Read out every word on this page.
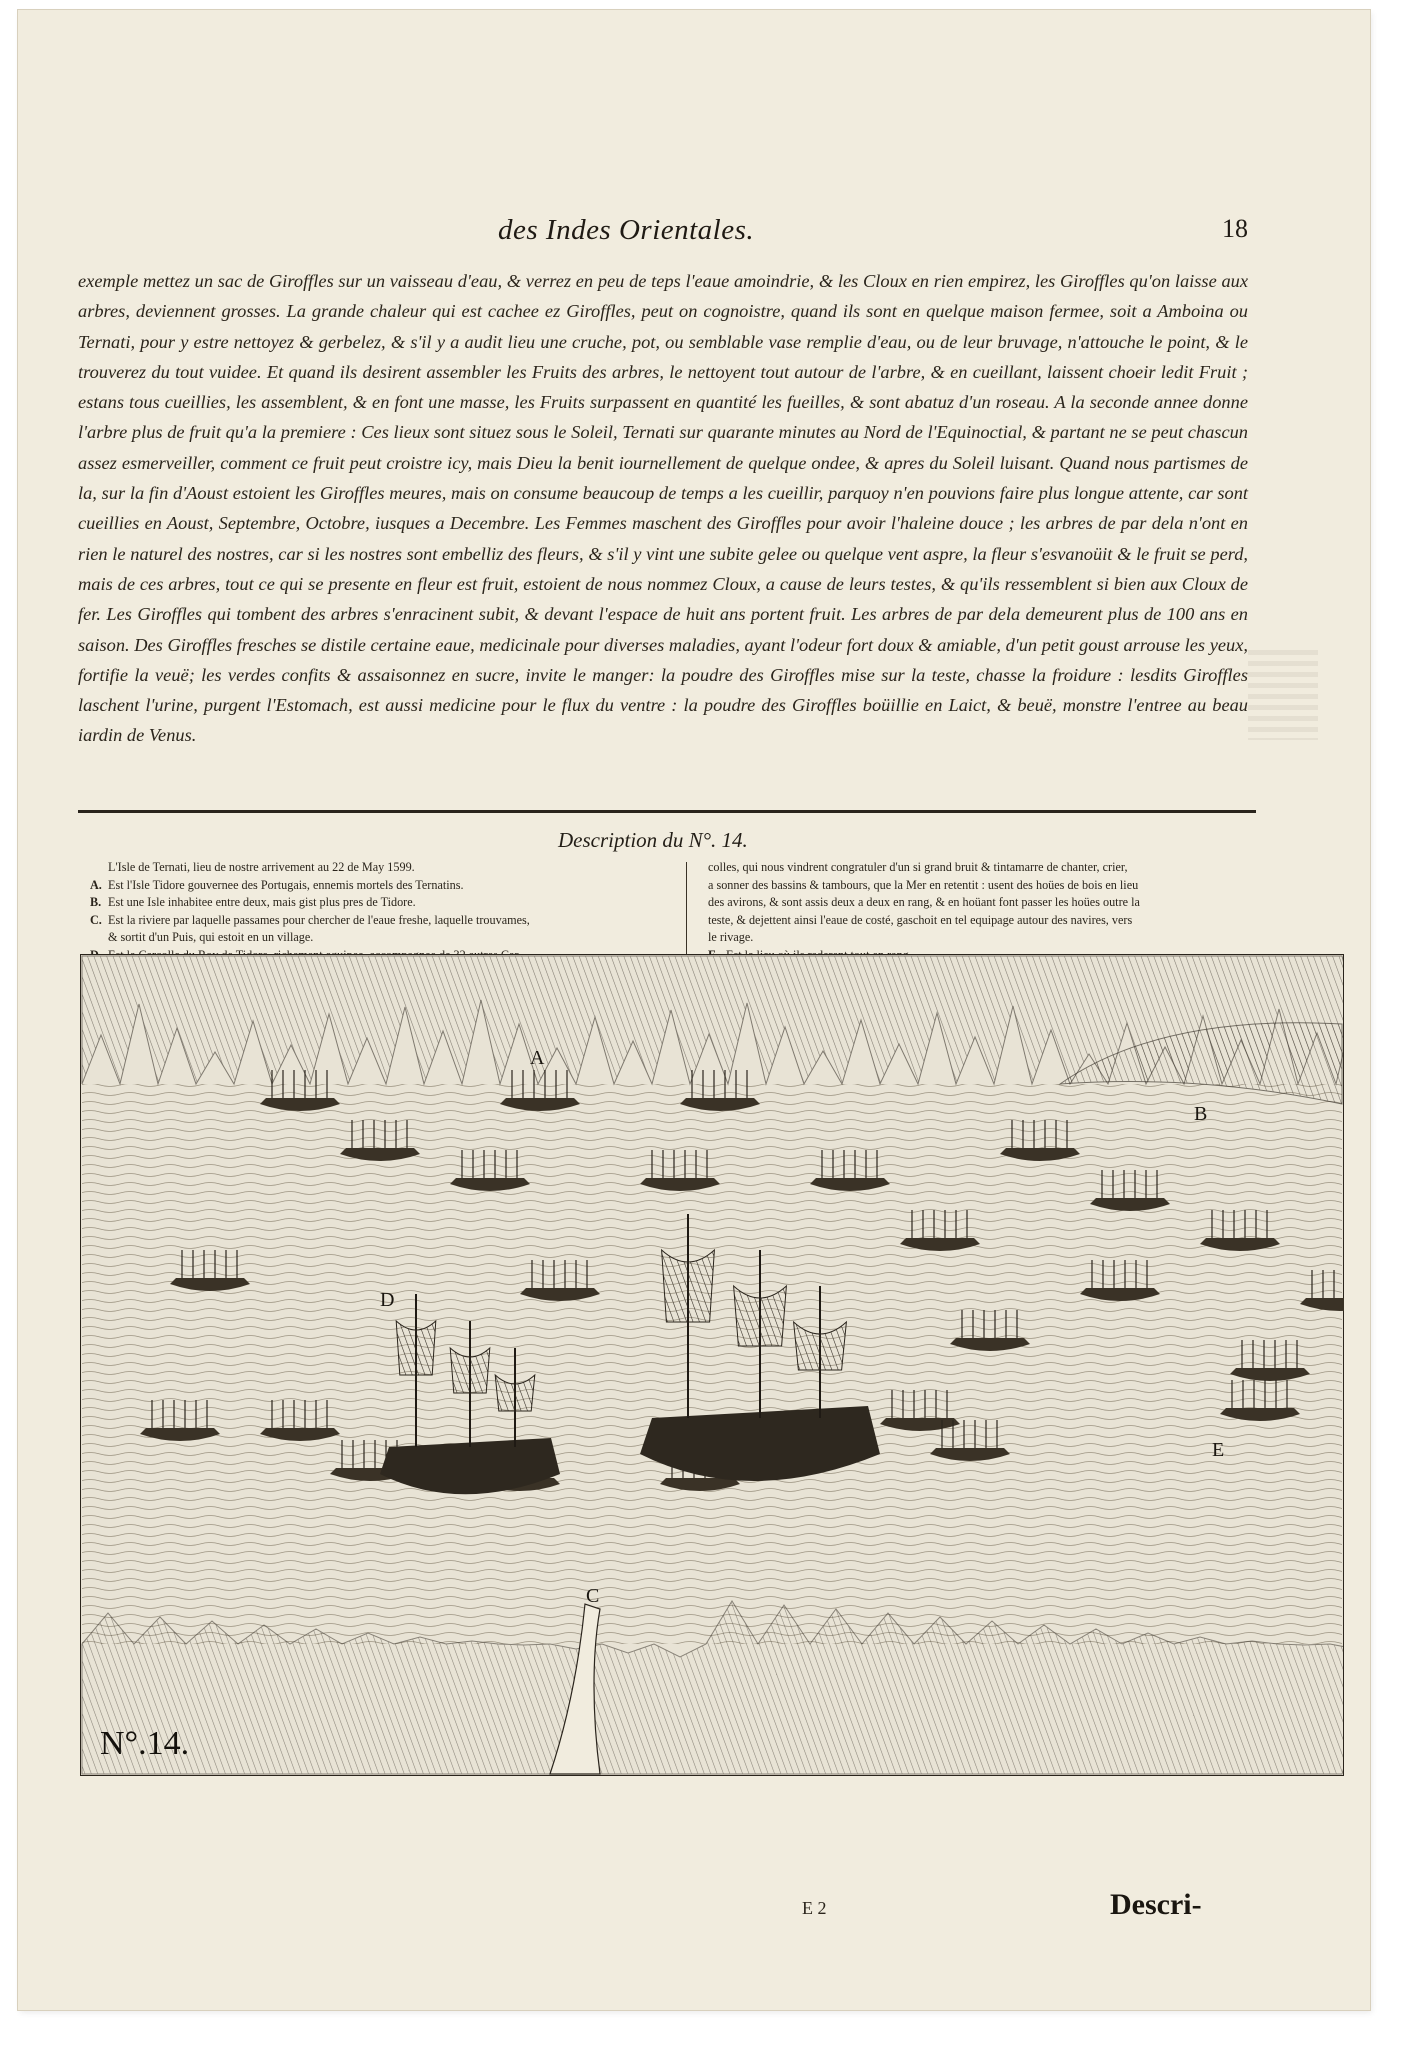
des Indes Orientales.	18

exemple mettez un sac de Giroffles sur un vaisseau d'eau, & verrez en peu de teps l'eaue amoindrie, & les Cloux en rien empirez, les Giroffles qu'on laisse aux arbres, deviennent grosses. La grande chaleur qui est cachee ez Giroffles, peut on cognoistre, quand ils sont en quelque maison fermee, soit a Amboina ou Ternati, pour y estre nettoyez & gerbelez, & s'il y a audit lieu une cruche, pot, ou semblable vase remplie d'eau, ou de leur bruvage, n'attouche le point, & le trouverez du tout vuidee. Et quand ils desirent assembler les Fruits des arbres, le nettoyent tout autour de l'arbre, & en cueillant, laissent choeir ledit Fruit ; estans tous cueillies, les assemblent, & en font une masse, les Fruits surpassent en quantité les fueilles, & sont abatuz d'un roseau. A la seconde annee donne l'arbre plus de fruit qu'a la premiere : Ces lieux sont situez sous le Soleil, Ternati sur quarante minutes au Nord de l'Equinoctial, & partant ne se peut chascun assez esmerveiller, comment ce fruit peut croistre icy, mais Dieu la benit iournellement de quelque ondee, & apres du Soleil luisant. Quand nous partismes de la, sur la fin d'Aoust estoient les Giroffles meures, mais on consume beaucoup de temps a les cueillir, parquoy n'en pouvions faire plus longue attente, car sont cueillies en Aoust, Septembre, Octobre, iusques a Decembre. Les Femmes maschent des Giroffles pour avoir l'haleine douce ; les arbres de par dela n'ont en rien le naturel des nostres, car si les nostres sont embelliz des fleurs, & s'il y vint une subite gelee ou quelque vent aspre, la fleur s'esvanoüit & le fruit se perd, mais de ces arbres, tout ce qui se presente en fleur est fruit, estoient de nous nommez Cloux, a cause de leurs testes, & qu'ils ressemblent si bien aux Cloux de fer. Les Giroffles qui tombent des arbres s'enracinent subit, & devant l'espace de huit ans portent fruit. Les arbres de par dela demeurent plus de 100 ans en saison. Des Giroffles fresches se distile certaine eaue, medicinale pour diverses maladies, ayant l'odeur fort doux & amiable, d'un petit goust arrouse les yeux, fortifie la veuë; les verdes confits & assaisonnez en sucre, invite le manger: la poudre des Giroffles mise sur la teste, chasse la froidure : lesdits Giroffles laschent l'urine, purgent l'Estomach, est aussi medicine pour le flux du ventre : la poudre des Giroffles boüillie en Laict, & beuë, monstre l'entree au beau iardin de Venus.

Description du N°. 14.
L'Isle de Ternati, lieu de nostre arrivement au 22 de May 1599.
A. Est l'Isle Tidore gouvernee des Portugais, ennemis mortels des Ternatins.
B. Est une Isle inhabitee entre deux, mais gist plus pres de Tidore.
C. Est la riviere par laquelle passames pour chercher de l'eaue freshe, laquelle trouvames,
& sortit d'un Puis, qui estoit en un village.
colles, qui nous vindrent congratuler d'un si grand bruit & tintamarre de chanter, crier,
a sonner des bassins & tambours, que la Mer en retentit : usent des hoües de bois en lieu
des avirons, & sont assis deux a deux en rang, & en hoüant font passer les hoües outre la
teste, & dejettent ainsi l'eaue de costé, gaschoit en tel equipage autour des navires, vers
le rivage.
A
B
C
D
E
N°.14.
E 2	Descri-
